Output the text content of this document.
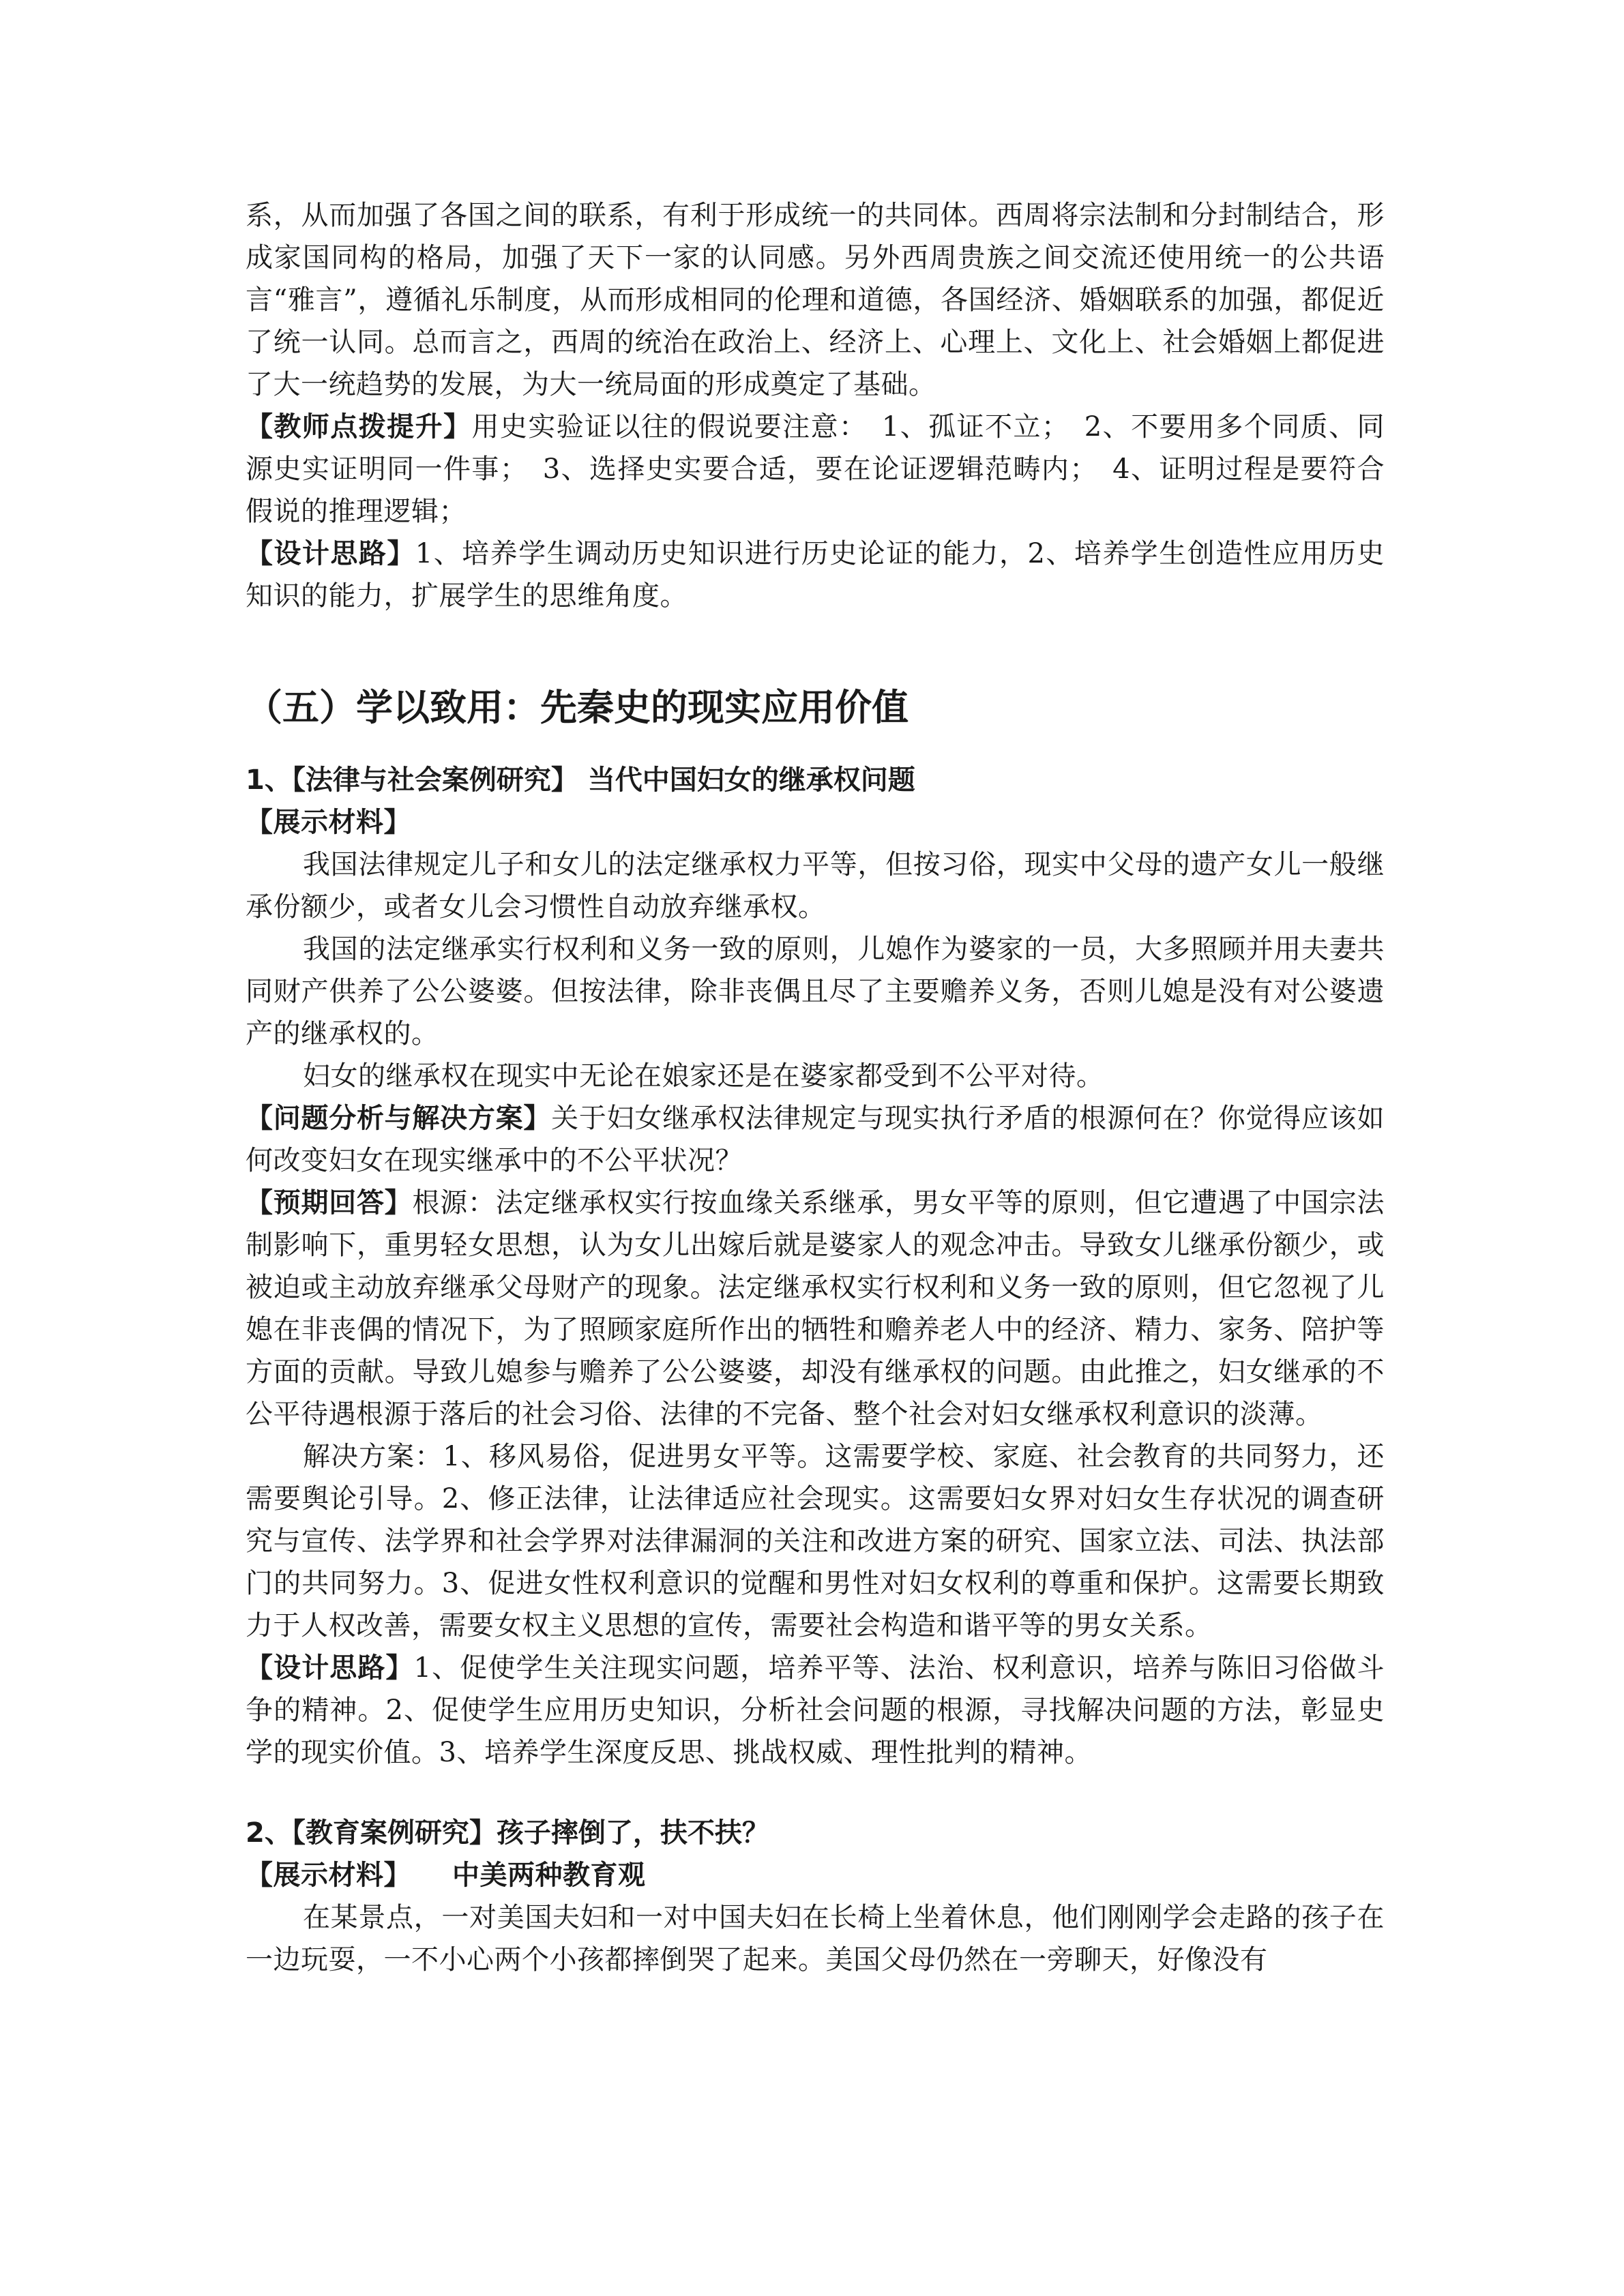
系，从而加强了各国之间的联系，有利于形成统一的共同体。西周将宗法制和分封制结合，形成家国同构的格局，加强了天下一家的认同感。另外西周贵族之间交流还使用统一的公共语言“雅言”，遵循礼乐制度，从而形成相同的伦理和道德，各国经济、婚姻联系的加强，都促近了统一认同。总而言之，西周的统治在政治上、经济上、心理上、文化上、社会婚姻上都促进了大一统趋势的发展，为大一统局面的形成奠定了基础。

【教师点拨提升】用史实验证以往的假说要注意：　1、孤证不立；　2、不要用多个同质、同源史实证明同一件事；　3、选择史实要合适，要在论证逻辑范畴内；　4、证明过程是要符合假说的推理逻辑；

【设计思路】1、培养学生调动历史知识进行历史论证的能力，2、培养学生创造性应用历史知识的能力，扩展学生的思维角度。

（五）学以致用：先秦史的现实应用价值

1、【法律与社会案例研究】 当代中国妇女的继承权问题

【展示材料】

我国法律规定儿子和女儿的法定继承权力平等，但按习俗，现实中父母的遗产女儿一般继承份额少，或者女儿会习惯性自动放弃继承权。

我国的法定继承实行权利和义务一致的原则，儿媳作为婆家的一员，大多照顾并用夫妻共同财产供养了公公婆婆。但按法律，除非丧偶且尽了主要赡养义务，否则儿媳是没有对公婆遗产的继承权的。

妇女的继承权在现实中无论在娘家还是在婆家都受到不公平对待。

【问题分析与解决方案】关于妇女继承权法律规定与现实执行矛盾的根源何在？你觉得应该如何改变妇女在现实继承中的不公平状况？

【预期回答】根源：法定继承权实行按血缘关系继承，男女平等的原则，但它遭遇了中国宗法制影响下，重男轻女思想，认为女儿出嫁后就是婆家人的观念冲击。导致女儿继承份额少，或被迫或主动放弃继承父母财产的现象。法定继承权实行权利和义务一致的原则，但它忽视了儿媳在非丧偶的情况下，为了照顾家庭所作出的牺牲和赡养老人中的经济、精力、家务、陪护等方面的贡献。导致儿媳参与赡养了公公婆婆，却没有继承权的问题。由此推之，妇女继承的不公平待遇根源于落后的社会习俗、法律的不完备、整个社会对妇女继承权利意识的淡薄。

解决方案：1、移风易俗，促进男女平等。这需要学校、家庭、社会教育的共同努力，还需要舆论引导。2、修正法律，让法律适应社会现实。这需要妇女界对妇女生存状况的调查研究与宣传、法学界和社会学界对法律漏洞的关注和改进方案的研究、国家立法、司法、执法部门的共同努力。3、促进女性权利意识的觉醒和男性对妇女权利的尊重和保护。这需要长期致力于人权改善，需要女权主义思想的宣传，需要社会构造和谐平等的男女关系。

【设计思路】1、促使学生关注现实问题，培养平等、法治、权利意识，培养与陈旧习俗做斗争的精神。2、促使学生应用历史知识，分析社会问题的根源，寻找解决问题的方法，彰显史学的现实价值。3、培养学生深度反思、挑战权威、理性批判的精神。

2、【教育案例研究】孩子摔倒了，扶不扶？

【展示材料】 中美两种教育观

在某景点，一对美国夫妇和一对中国夫妇在长椅上坐着休息，他们刚刚学会走路的孩子在一边玩耍，一不小心两个小孩都摔倒哭了起来。美国父母仍然在一旁聊天，好像没有
